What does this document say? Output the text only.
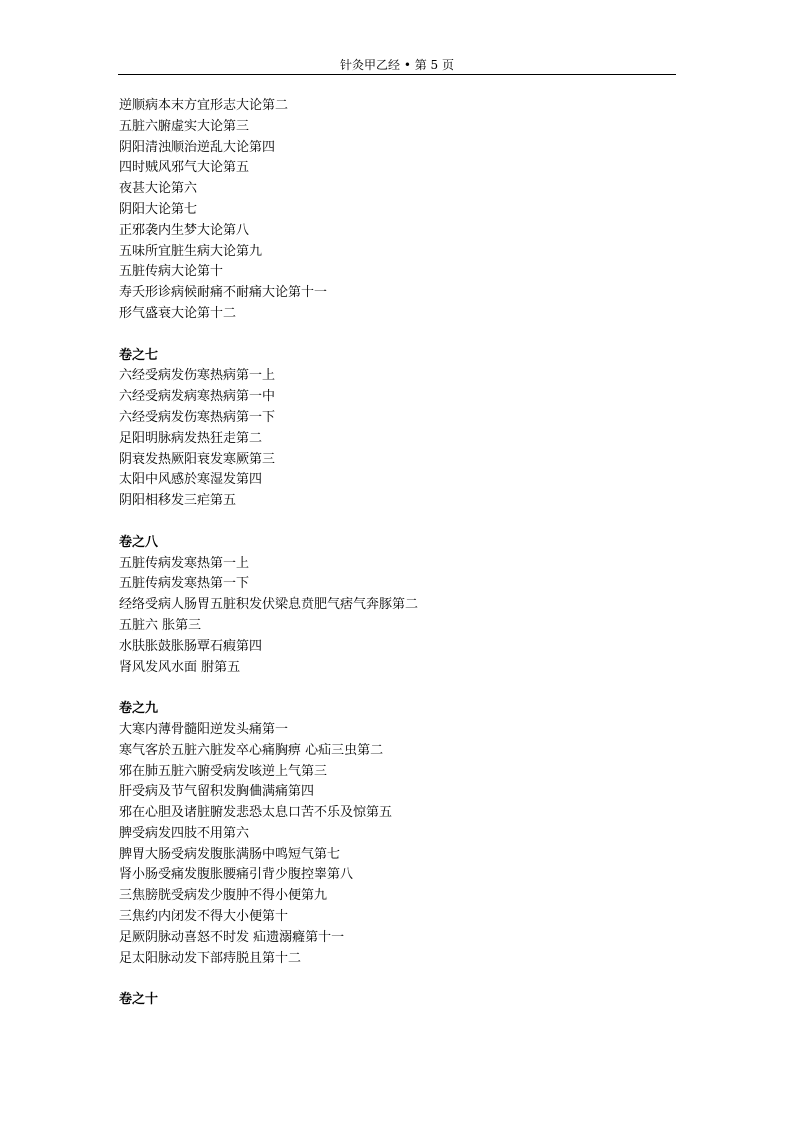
针灸甲乙经 • 第 5 页
逆顺病本末方宜形志大论第二
五脏六腑虚实大论第三
阴阳清浊顺治逆乱大论第四
四时贼风邪气大论第五
夜甚大论第六
阴阳大论第七
正邪袭内生梦大论第八
五味所宜脏生病大论第九
五脏传病大论第十
寿夭形诊病候耐痛不耐痛大论第十一
形气盛衰大论第十二
卷之七
六经受病发伤寒热病第一上
六经受病发病寒热病第一中
六经受病发伤寒热病第一下
足阳明脉病发热狂走第二
阴衰发热厥阳衰发寒厥第三
太阳中风感於寒湿发第四
阴阳相移发三疟第五
卷之八
五脏传病发寒热第一上
五脏传病发寒热第一下
经络受病人肠胃五脏积发伏梁息贲肥气痞气奔豚第二
五脏六 胀第三
水肤胀鼓胀肠覃石瘕第四
肾风发风水面 胕第五
卷之九
大寒内薄骨髓阳逆发头痛第一
寒气客於五脏六脏发卒心痛胸痹 心疝三虫第二
邪在肺五脏六腑受病发咳逆上气第三
肝受病及节气留积发胸㑋满痛第四
邪在心胆及诸脏腑发悲恐太息口苦不乐及惊第五
脾受病发四肢不用第六
脾胃大肠受病发腹胀满肠中鸣短气第七
肾小肠受痛发腹胀腰痛引背少腹控睾第八
三焦膀胱受病发少腹肿不得小便第九
三焦约内闭发不得大小便第十
足厥阴脉动喜怒不时发 疝遗溺癃第十一
足太阳脉动发下部痔脱且第十二
卷之十
